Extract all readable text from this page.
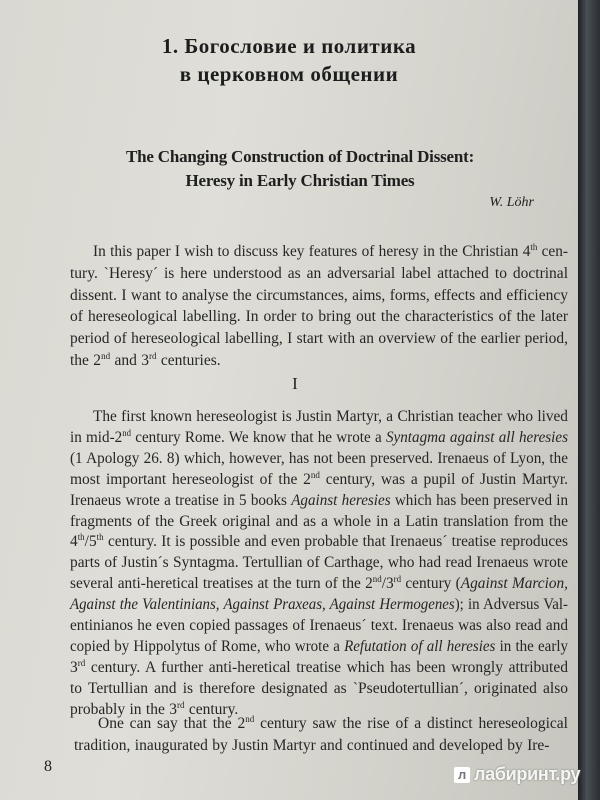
1. Богословие и политика
в церковном общении
The Changing Construction of Doctrinal Dissent:
Heresy in Early Christian Times
W. Löhr
In this paper I wish to discuss key features of heresy in the Christian 4th cen-
tury. `Heresy´ is here understood as an adversarial label attached to doctrinal
dissent. I want to analyse the circumstances, aims, forms, effects and efficiency
of hereseological labelling. In order to bring out the characteristics of the later
period of hereseological labelling, I start with an overview of the earlier period,
the 2nd and 3rd centuries.
I
The first known hereseologist is Justin Martyr, a Christian teacher who lived
in mid-2nd century Rome. We know that he wrote a Syntagma against all heresies
(1 Apology 26. 8) which, however, has not been preserved. Irenaeus of Lyon, the
most important hereseologist of the 2nd century, was a pupil of Justin Martyr.
Irenaeus wrote a treatise in 5 books Against heresies which has been preserved in
fragments of the Greek original and as a whole in a Latin translation from the
4th/5th century. It is possible and even probable that Irenaeus´ treatise reproduces
parts of Justin´s Syntagma. Tertullian of Carthage, who had read Irenaeus wrote
several anti-heretical treatises at the turn of the 2nd/3rd century (Against Marcion,
Against the Valentinians, Against Praxeas, Against Hermogenes); in Adversus Val-
entinianos he even copied passages of Irenaeus´ text. Irenaeus was also read and
copied by Hippolytus of Rome, who wrote a Refutation of all heresies in the early
3rd century. A further anti-heretical treatise which has been wrongly attributed
to Tertullian and is therefore designated as `Pseudotertullian´, originated also
probably in the 3rd century.
One can say that the 2nd century saw the rise of a distinct hereseological
tradition, inaugurated by Justin Martyr and continued and developed by Ire-
8	л лабиринт.ру
